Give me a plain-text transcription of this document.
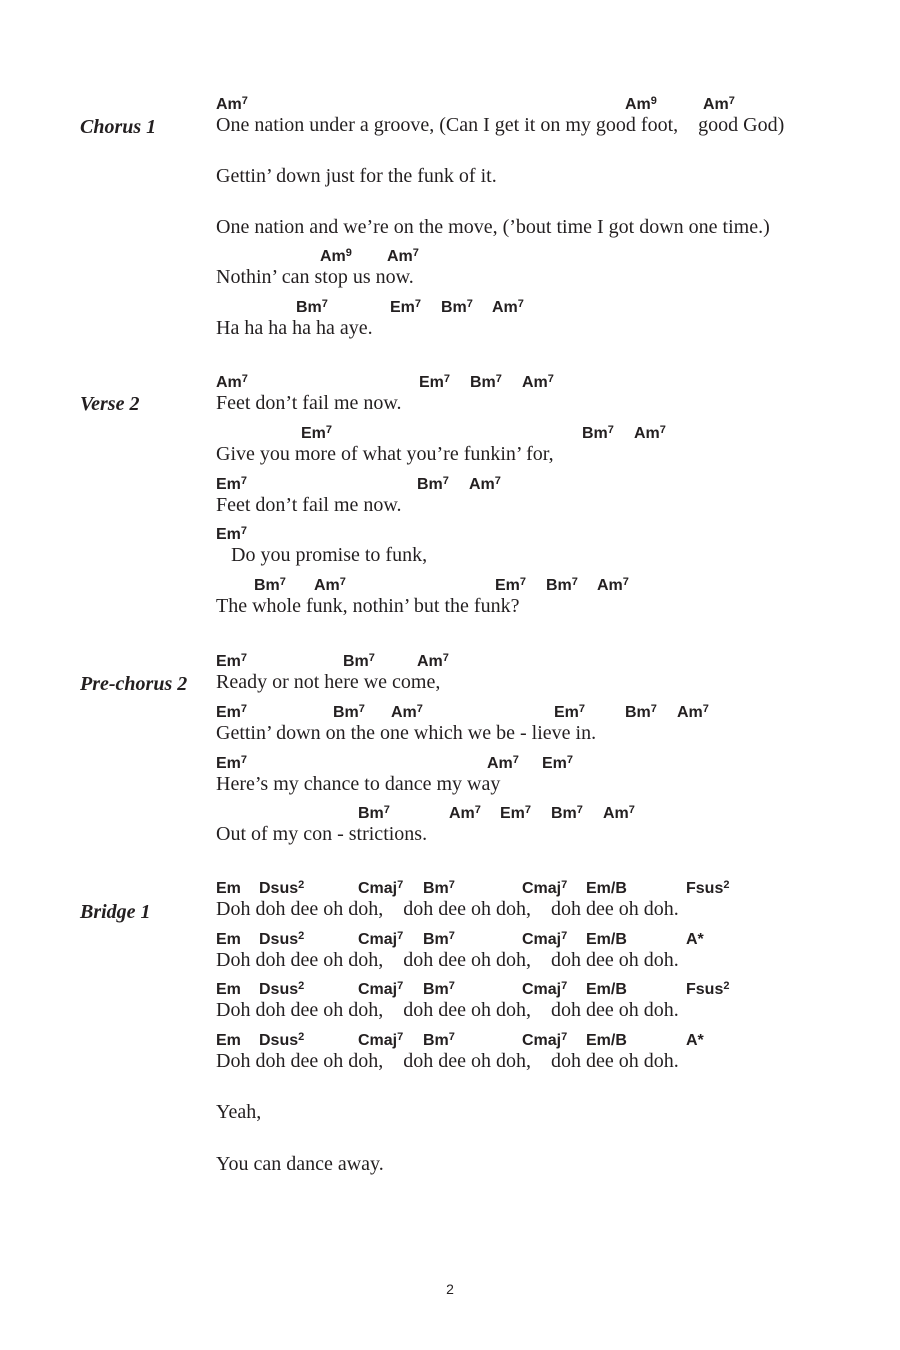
Chorus 1
Am$^7$	Am$^9$	Am$^7$
One nation under a groove, (Can I get it on my good foot,    good God)
Gettin’ down just for the funk of it.
One nation and we’re on the move, (’bout time I got down one time.)
Am$^9$ Am$^7$
Nothin’ can stop us now.
Bm$^7$	Em$^7$ Bm$^7$ Am$^7$
Ha ha ha ha ha aye.
Verse 2
Am$^7$	Em$^7$ Bm$^7$ Am$^7$
Feet don’t fail me now.
Em$^7$	Bm$^7$ Am$^7$
Give you more of what you’re funkin’ for,
Em$^7$	Bm$^7$ Am$^7$
Feet don’t fail me now.
Em$^7$
Do you promise to funk,
Bm$^7$ Am$^7$	Em$^7$ Bm$^7$ Am$^7$
The whole funk, nothin’ but the funk?
Pre-chorus 2
Em$^7$	Bm$^7$	Am$^7$
Ready or not here we come,
Em$^7$	Bm$^7$ Am$^7$	Em$^7$ Bm$^7$ Am$^7$
Gettin’ down on the one which we be - lieve in.
Em$^7$	Am$^7$ Em$^7$
Here’s my chance to dance my way
Bm$^7$	Am$^7$ Em$^7$ Bm$^7$ Am$^7$
Out of my con - strictions.
Bridge 1
Em Dsus$^2$	Cmaj$^7$ Bm$^7$	Cmaj$^7$ Em/B	Fsus$^2$
Doh doh dee oh doh,    doh dee oh doh,    doh dee oh doh.
Em Dsus$^2$	Cmaj$^7$ Bm$^7$	Cmaj$^7$ Em/B	A*
Doh doh dee oh doh,    doh dee oh doh,    doh dee oh doh.
Em Dsus$^2$	Cmaj$^7$ Bm$^7$	Cmaj$^7$ Em/B	Fsus$^2$
Doh doh dee oh doh,    doh dee oh doh,    doh dee oh doh.
Em Dsus$^2$	Cmaj$^7$ Bm$^7$	Cmaj$^7$ Em/B	A*
Doh doh dee oh doh,    doh dee oh doh,    doh dee oh doh.
Yeah,
You can dance away.
2
